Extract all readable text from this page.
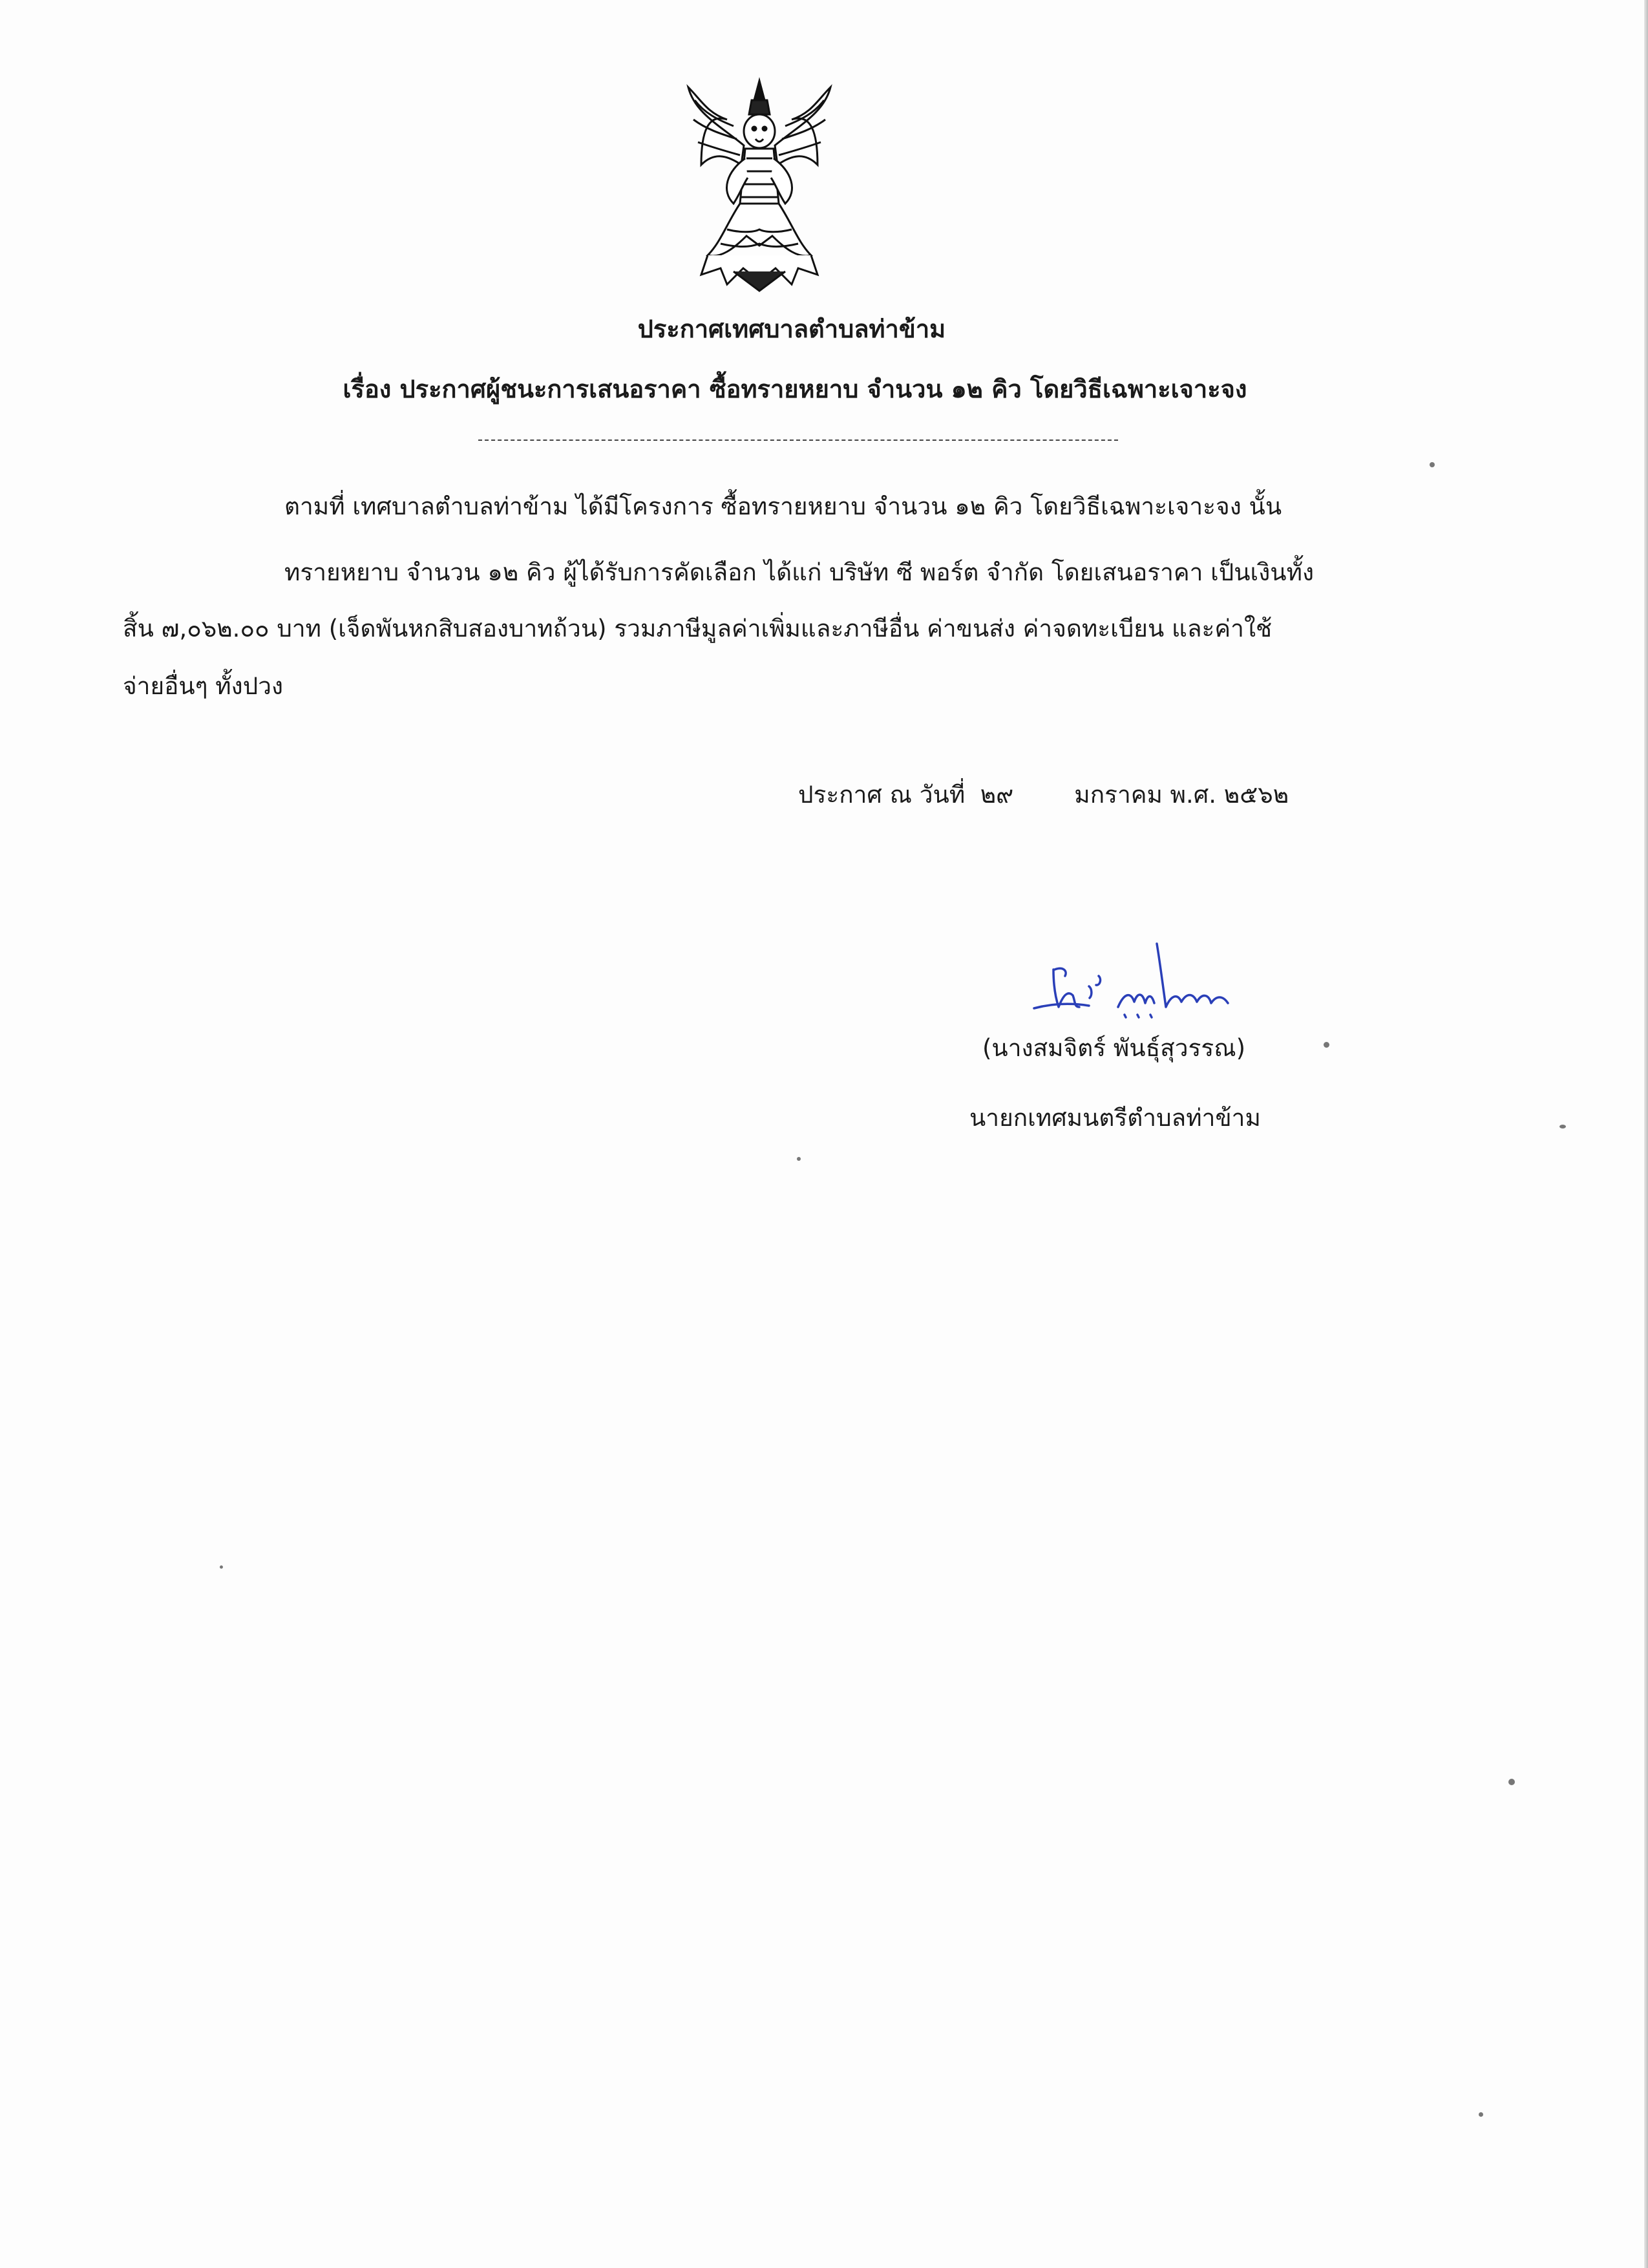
ประกาศเทศบาลตำบลท่าข้าม
เรื่อง ประกาศผู้ชนะการเสนอราคา ซื้อทรายหยาบ จำนวน ๑๒ คิว โดยวิธีเฉพาะเจาะจง
ตามที่ เทศบาลตำบลท่าข้าม ได้มีโครงการ ซื้อทรายหยาบ จำนวน ๑๒ คิว โดยวิธีเฉพาะเจาะจง นั้น
ทรายหยาบ จำนวน ๑๒ คิว ผู้ได้รับการคัดเลือก ได้แก่ บริษัท ซี พอร์ต จำกัด โดยเสนอราคา เป็นเงินทั้ง
สิ้น ๗,๐๖๒.๐๐ บาท (เจ็ดพันหกสิบสองบาทถ้วน) รวมภาษีมูลค่าเพิ่มและภาษีอื่น ค่าขนส่ง ค่าจดทะเบียน และค่าใช้
จ่ายอื่นๆ ทั้งปวง
ประกาศ ณ วันที่  ๒๙        มกราคม พ.ศ. ๒๕๖๒
(นางสมจิตร์ พันธุ์สุวรรณ)
นายกเทศมนตรีตำบลท่าข้าม
